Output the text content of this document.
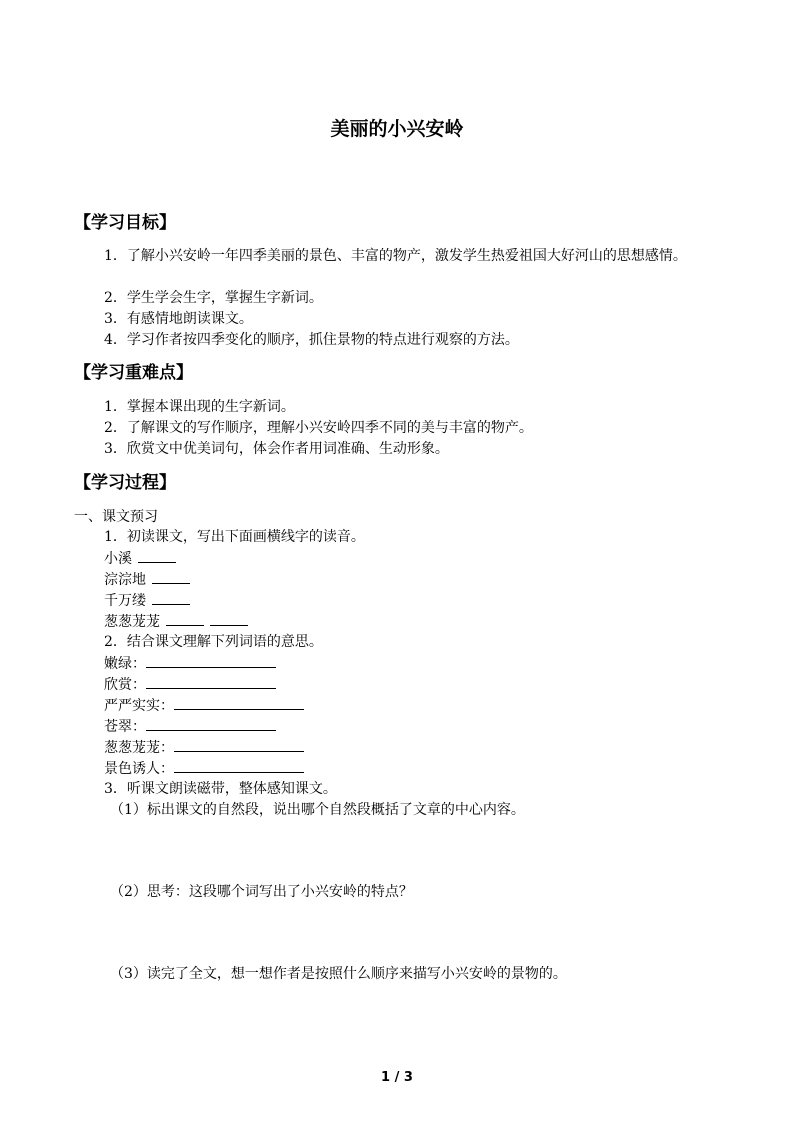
美丽的小兴安岭
【学习目标】
1．了解小兴安岭一年四季美丽的景色、丰富的物产，激发学生热爱祖国大好河山的思想感情。
2．学生学会生字，掌握生字新词。
3．有感情地朗读课文。
4．学习作者按四季变化的顺序，抓住景物的特点进行观察的方法。
【学习重难点】
1．掌握本课出现的生字新词。
2．了解课文的写作顺序，理解小兴安岭四季不同的美与丰富的物产。
3．欣赏文中优美词句，体会作者用词准确、生动形象。
【学习过程】
一、课文预习
1．初读课文，写出下面画横线字的读音。
小溪
淙淙地
千万缕
葱葱茏茏
2．结合课文理解下列词语的意思。
嫩绿：
欣赏：
严严实实：
苍翠：
葱葱茏茏：
景色诱人：
3．听课文朗读磁带，整体感知课文。
（1）标出课文的自然段，说出哪个自然段概括了文章的中心内容。
（2）思考：这段哪个词写出了小兴安岭的特点？
（3）读完了全文，想一想作者是按照什么顺序来描写小兴安岭的景物的。
1 / 3
